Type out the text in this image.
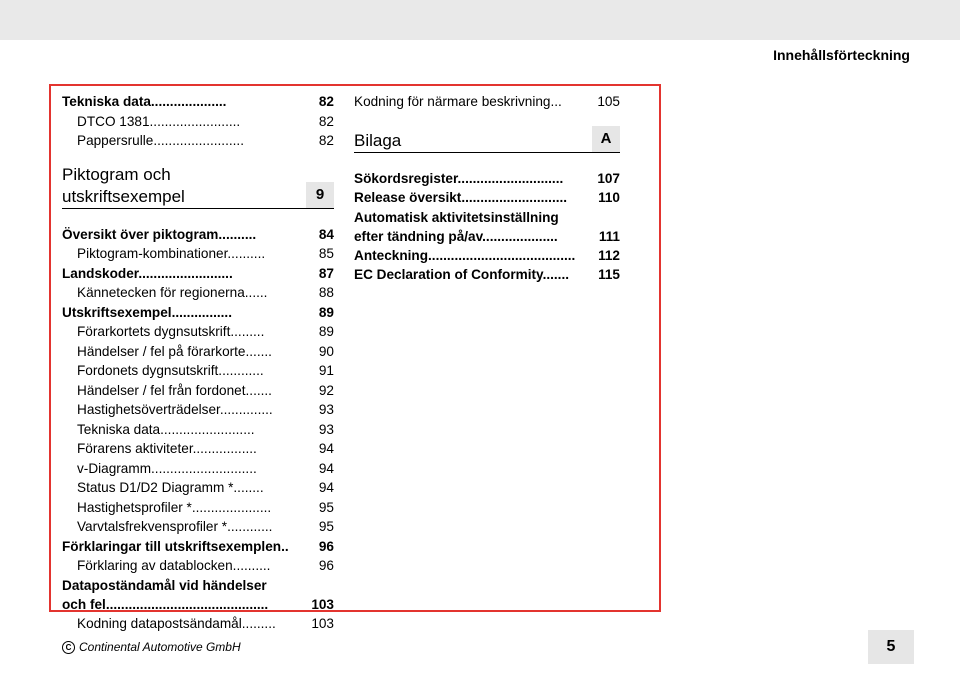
Innehållsförteckning
Tekniska data....................	82
DTCO 1381........................	82
Pappersrulle........................	82
Piktogram och
utskriftsexempel	9
Översikt över piktogram..........	84
Piktogram-kombinationer..........	85
Landskoder.........................	87
Kännetecken för regionerna......	88
Utskriftsexempel................	89
Förarkortets dygnsutskrift.........	89
Händelser / fel på förarkorte.......	90
Fordonets dygnsutskrift............	91
Händelser / fel från fordonet.......	92
Hastighetsöverträdelser..............	93
Tekniska data.........................	93
Förarens aktiviteter.................	94
v-Diagramm............................	94
Status D1/D2 Diagramm *........	94
Hastighetsprofiler *.....................	95
Varvtalsfrekvensprofiler *............	95
Förklaringar till utskriftsexemplen.. 96
Förklaring av datablocken..........	96
Datapoständamål vid händelser
och fel...........................................	103
Kodning datapostsändamål.........	103
Kodning för närmare beskrivning...	105
Bilaga	A
Sökordsregister............................	107
Release översikt............................ 110
Automatisk aktivitetsinställning
efter tändning på/av....................	111
Anteckning....................................... 112
EC Declaration of Conformity....... 115
C Continental Automotive GmbH	5
